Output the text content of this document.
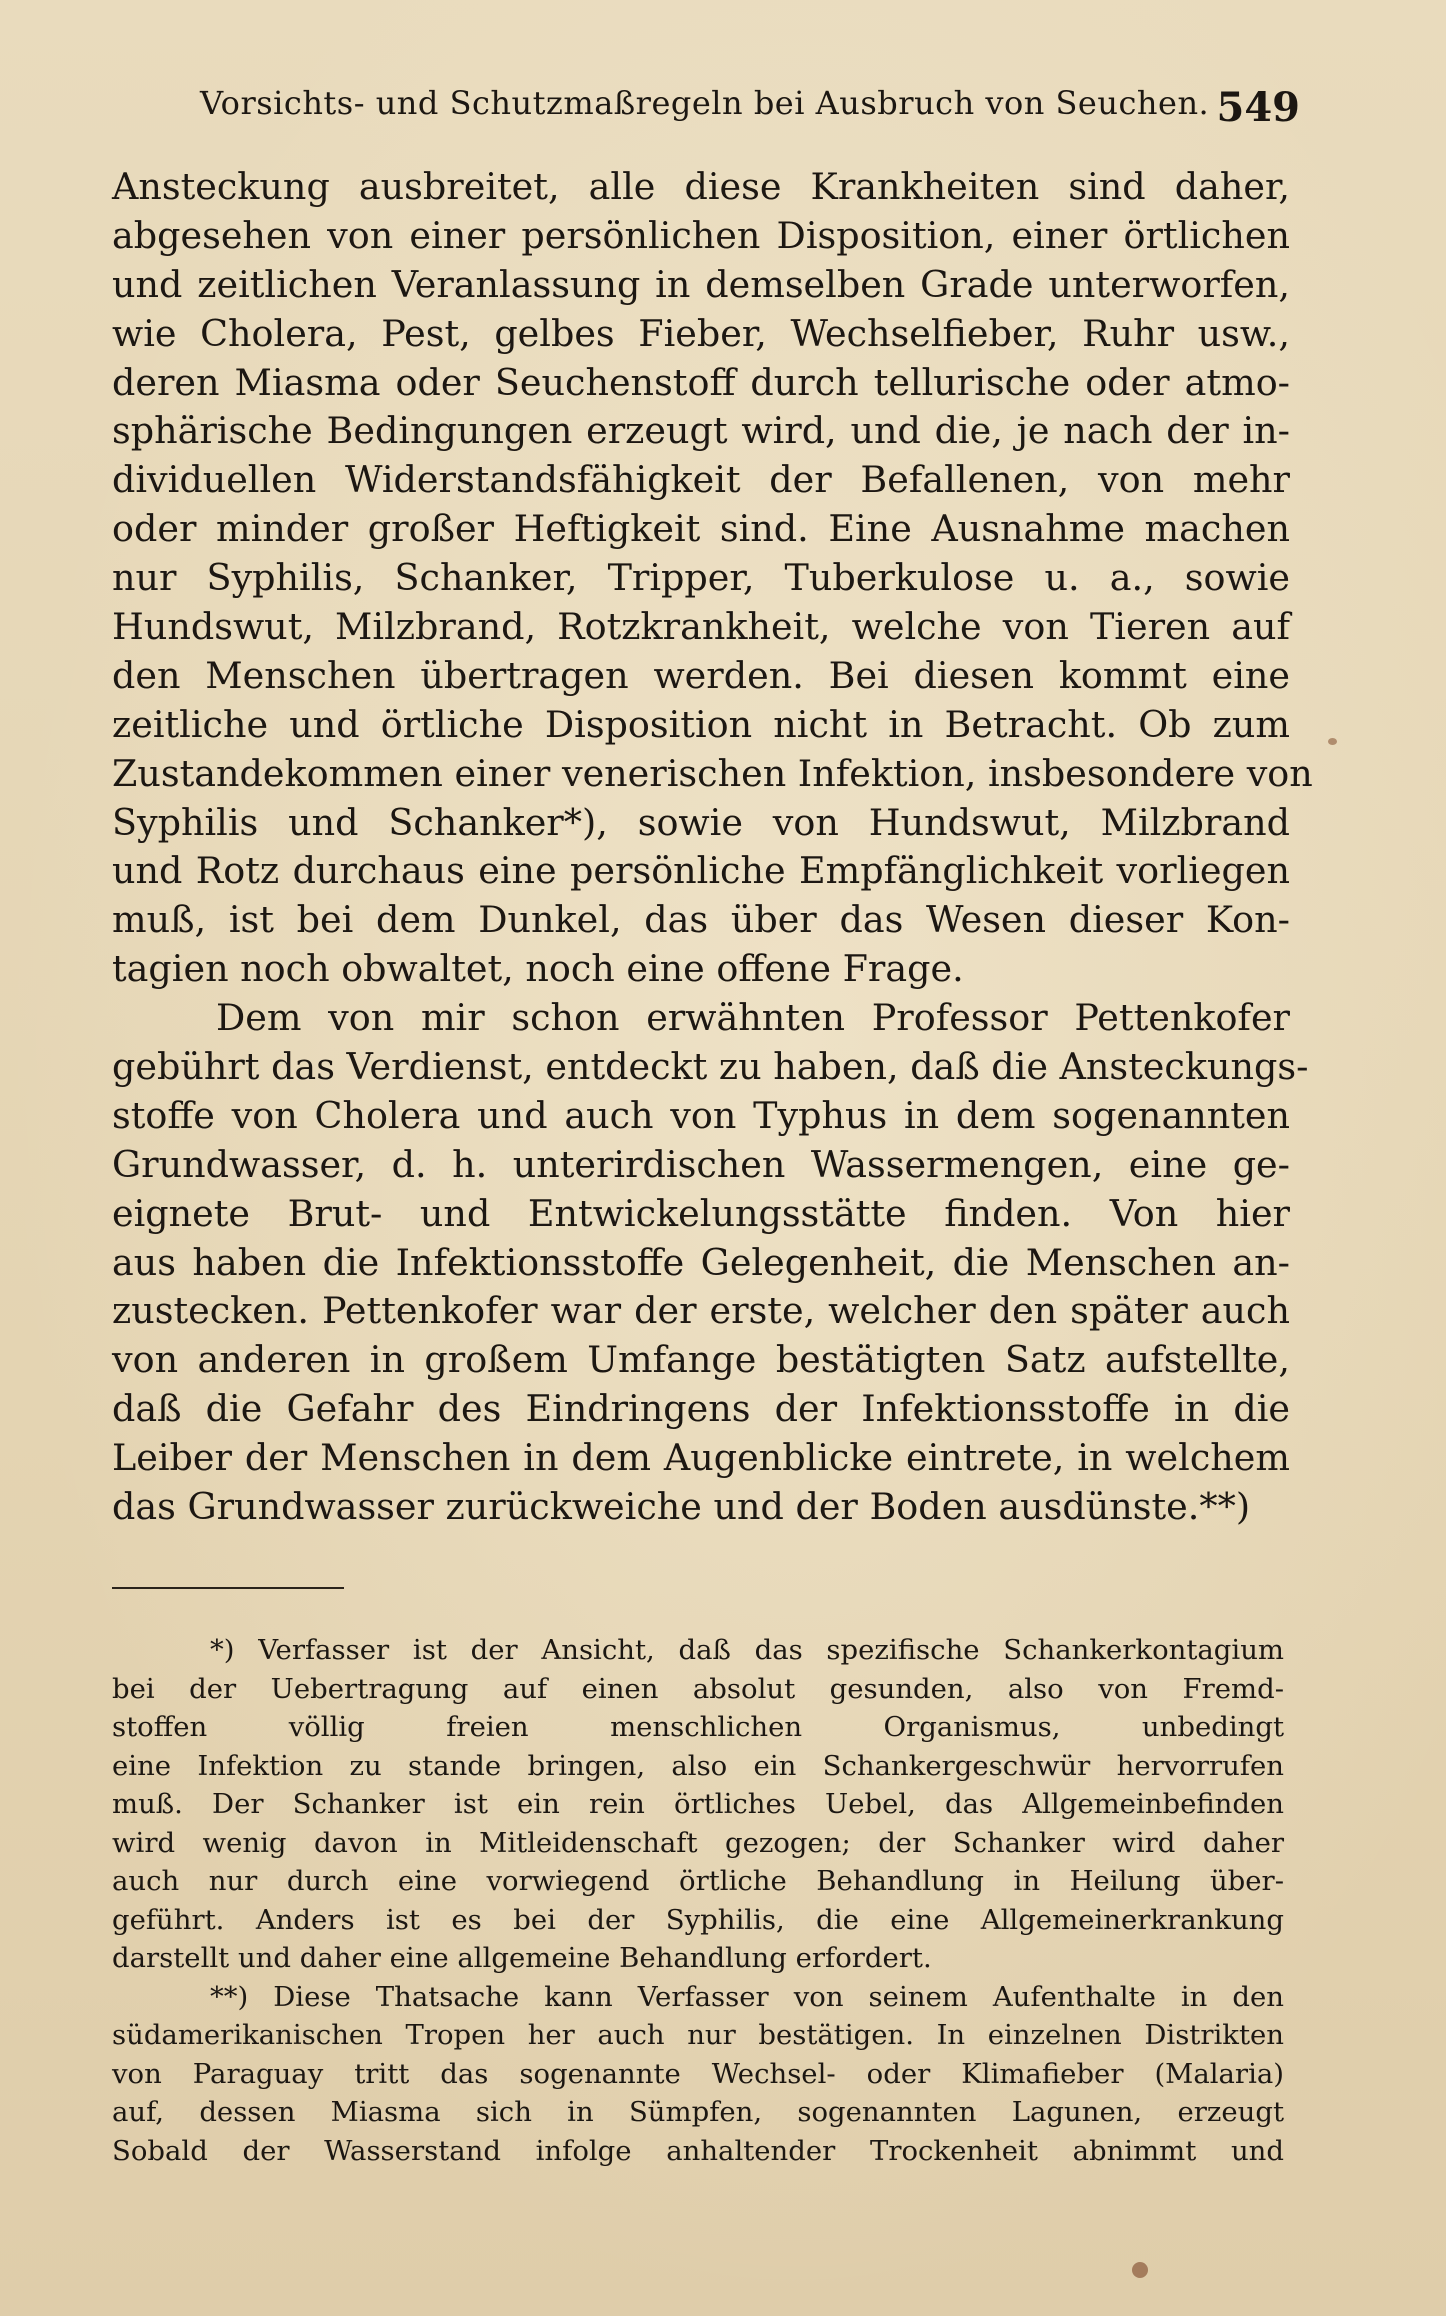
Vorsichts- und Schutzmaßregeln bei Ausbruch von Seuchen. 549
Ansteckung ausbreitet, alle diese Krankheiten sind daher,
abgesehen von einer persönlichen Disposition, einer örtlichen
und zeitlichen Veranlassung in demselben Grade unterworfen,
wie Cholera, Pest, gelbes Fieber, Wechselfieber, Ruhr usw.,
deren Miasma oder Seuchenstoff durch tellurische oder atmo-
sphärische Bedingungen erzeugt wird, und die, je nach der in-
dividuellen Widerstandsfähigkeit der Befallenen, von mehr
oder minder großer Heftigkeit sind. Eine Ausnahme machen
nur Syphilis, Schanker, Tripper, Tuberkulose u. a., sowie
Hundswut, Milzbrand, Rotzkrankheit, welche von Tieren auf
den Menschen übertragen werden. Bei diesen kommt eine
zeitliche und örtliche Disposition nicht in Betracht. Ob zum
Zustandekommen einer venerischen Infektion, insbesondere von
Syphilis und Schanker*), sowie von Hundswut, Milzbrand
und Rotz durchaus eine persönliche Empfänglichkeit vorliegen
muß, ist bei dem Dunkel, das über das Wesen dieser Kon-
tagien noch obwaltet, noch eine offene Frage.
Dem von mir schon erwähnten Professor Pettenkofer
gebührt das Verdienst, entdeckt zu haben, daß die Ansteckungs-
stoffe von Cholera und auch von Typhus in dem sogenannten
Grundwasser, d. h. unterirdischen Wassermengen, eine ge-
eignete Brut- und Entwickelungsstätte finden. Von hier
aus haben die Infektionsstoffe Gelegenheit, die Menschen an-
zustecken. Pettenkofer war der erste, welcher den später auch
von anderen in großem Umfange bestätigten Satz aufstellte,
daß die Gefahr des Eindringens der Infektionsstoffe in die
Leiber der Menschen in dem Augenblicke eintrete, in welchem
das Grundwasser zurückweiche und der Boden ausdünste.**)
*) Verfasser ist der Ansicht, daß das spezifische Schankerkontagium
bei der Uebertragung auf einen absolut gesunden, also von Fremd-
stoffen völlig freien menschlichen Organismus, unbedingt
eine Infektion zu stande bringen, also ein Schankergeschwür hervorrufen
muß. Der Schanker ist ein rein örtliches Uebel, das Allgemeinbefinden
wird wenig davon in Mitleidenschaft gezogen; der Schanker wird daher
auch nur durch eine vorwiegend örtliche Behandlung in Heilung über-
geführt. Anders ist es bei der Syphilis, die eine Allgemeinerkrankung
darstellt und daher eine allgemeine Behandlung erfordert.
**) Diese Thatsache kann Verfasser von seinem Aufenthalte in den
südamerikanischen Tropen her auch nur bestätigen. In einzelnen Distrikten
von Paraguay tritt das sogenannte Wechsel- oder Klimafieber (Malaria)
auf, dessen Miasma sich in Sümpfen, sogenannten Lagunen, erzeugt
Sobald der Wasserstand infolge anhaltender Trockenheit abnimmt und
